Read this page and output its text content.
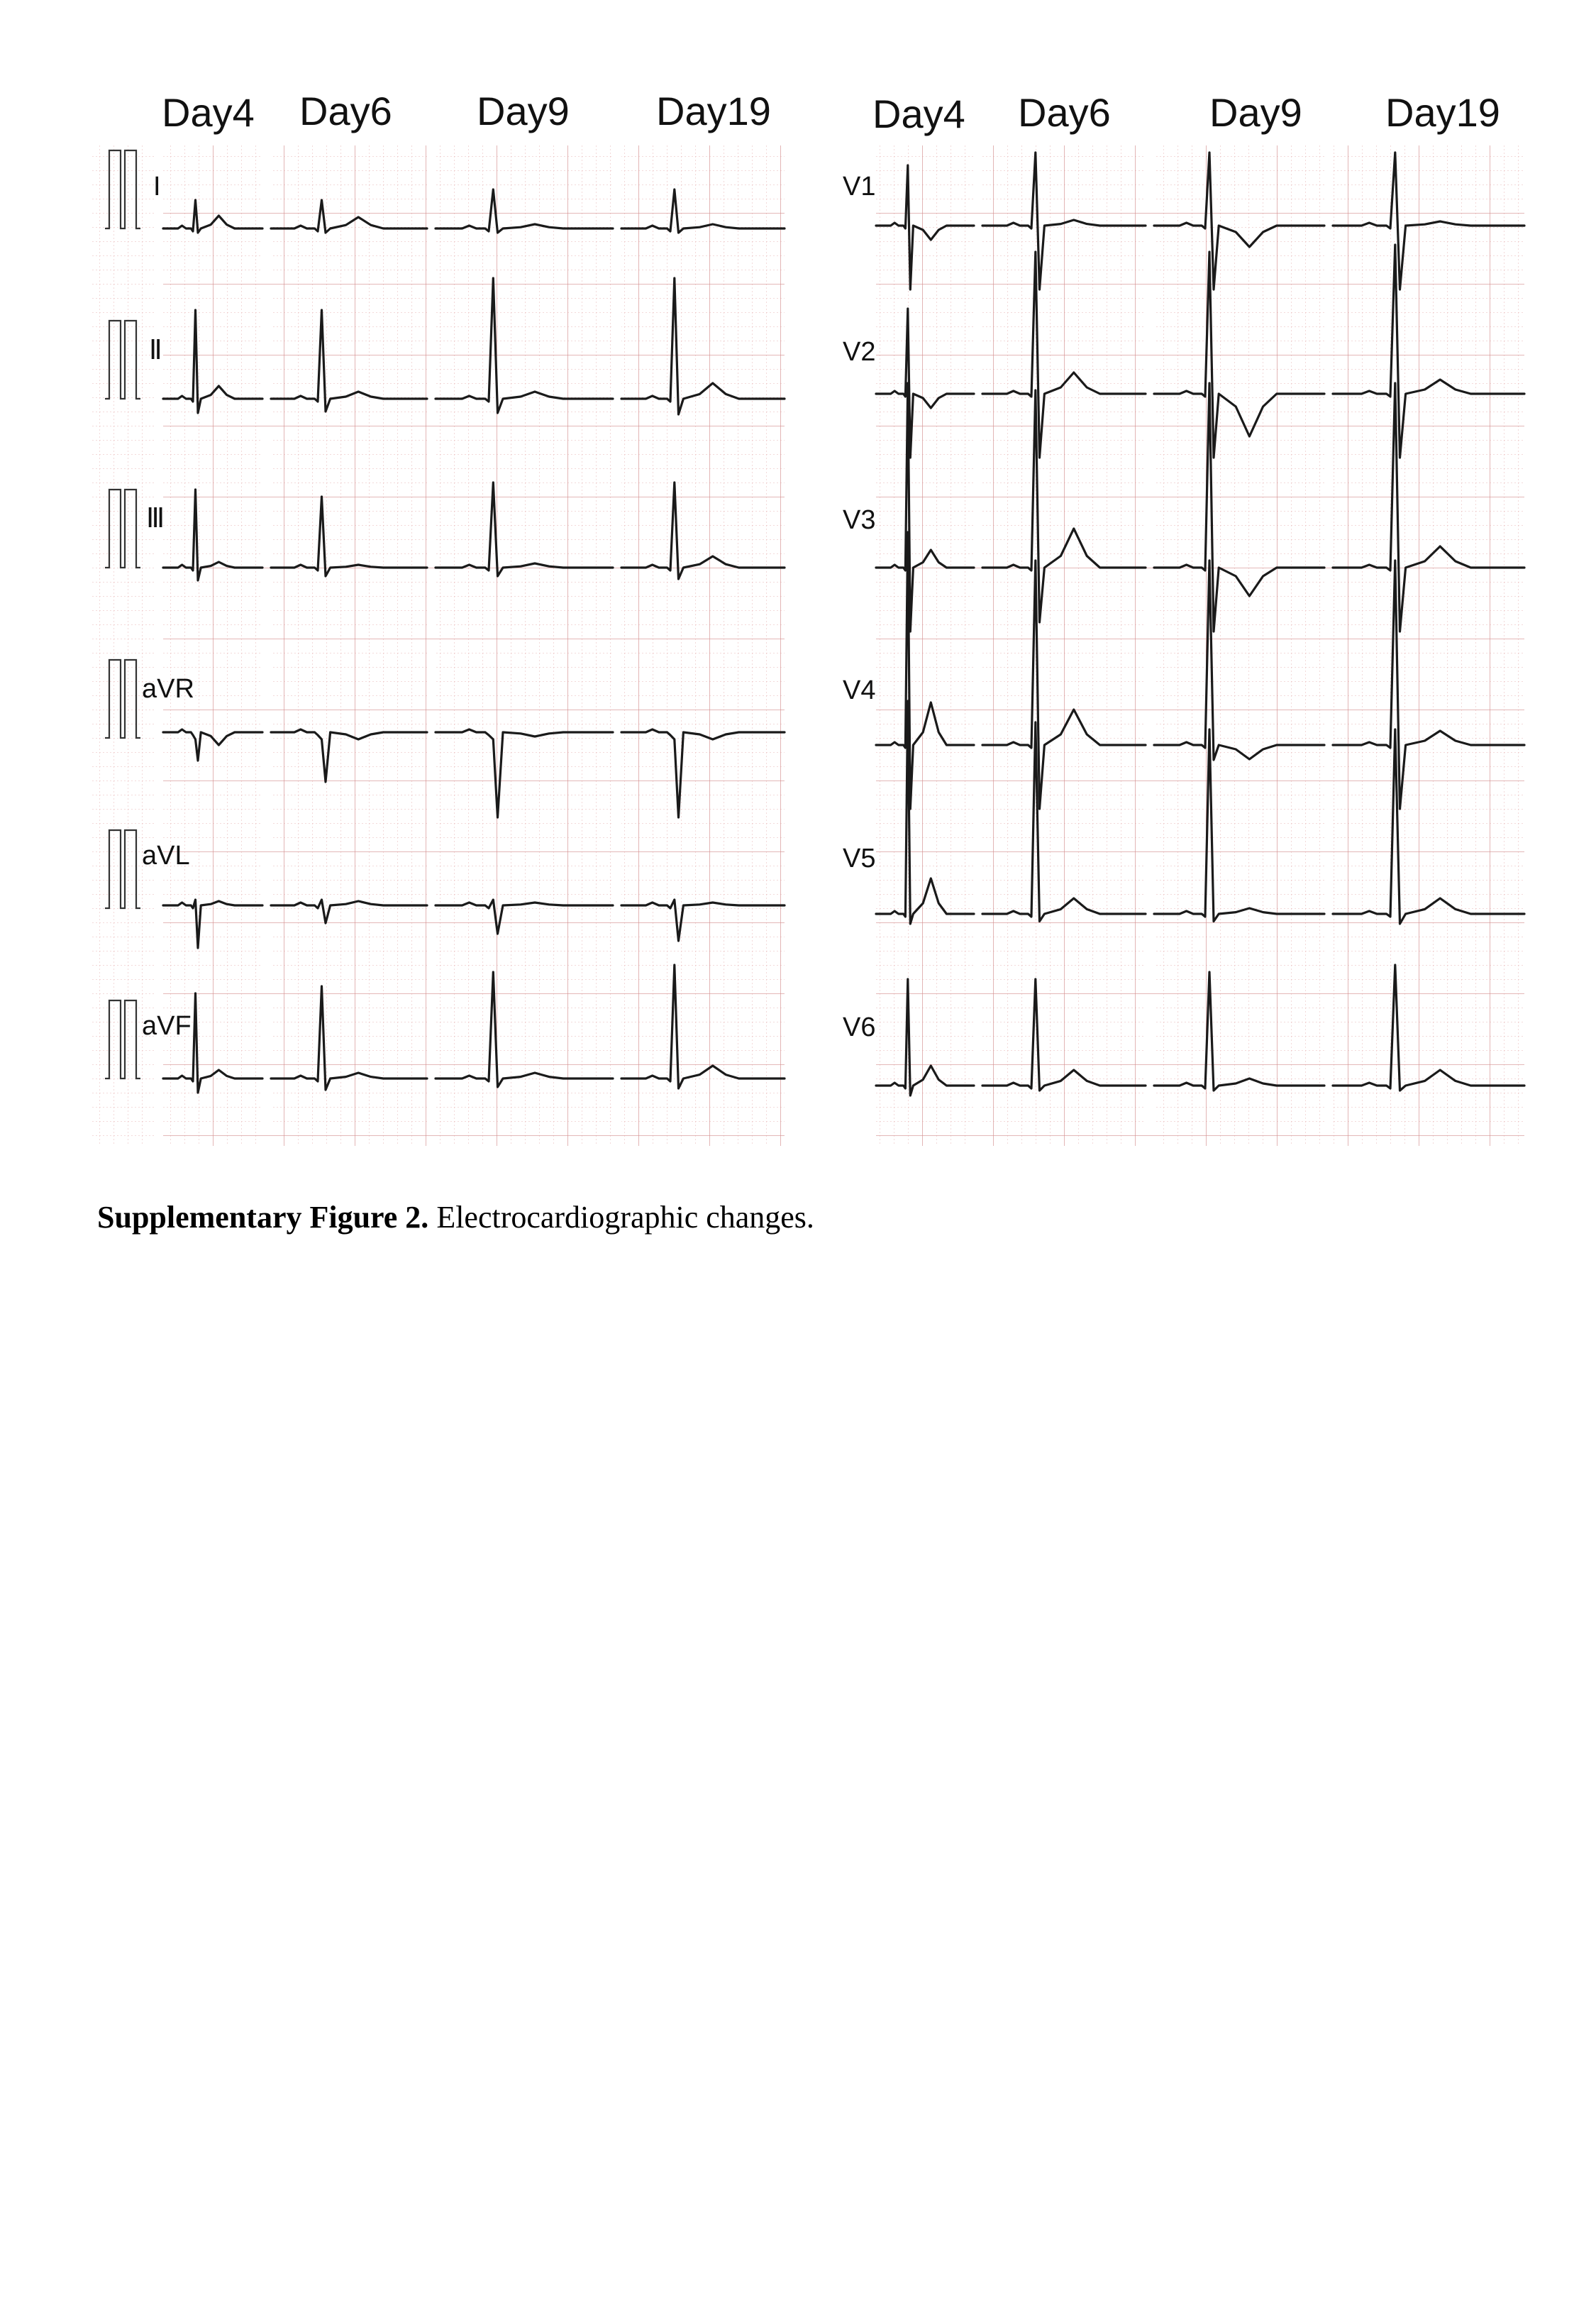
Day4 Day6 Day9 Day19	Day4 Day6 Day9 Day19
I
Ⅱ
Ⅲ
aVR
aVL
aVF
V1
V2
V3
V4
V5
V6
Supplementary Figure 2. Electrocardiographic changes.
